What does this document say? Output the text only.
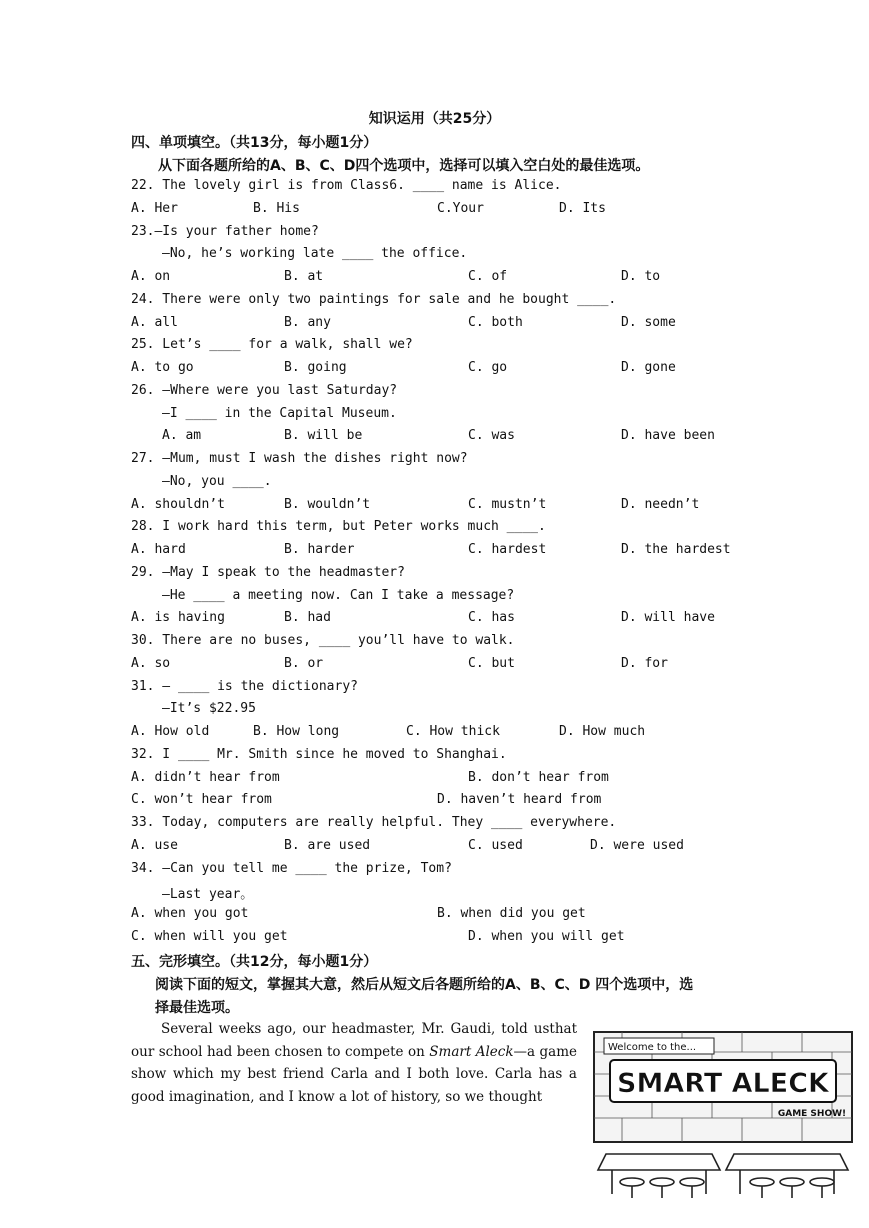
知识运用（共25分）
四、单项填空。（共13分，每小题1分）
从下面各题所给的A、B、C、D四个选项中，选择可以填入空白处的最佳选项。
22. The lovely girl is from Class6. ____ name is Alice.
A. Her	B. His	C.Your	D. Its
23.—Is your father home?
—No, he’s working late ____ the office.
A. on	B. at	C. of	D. to
24. There were only two paintings for sale and he bought ____.
A. all	B. any	C. both	D. some
25. Let’s ____ for a walk, shall we?
A. to go	B. going	C. go	D. gone
26. —Where were you last Saturday?
—I ____ in the Capital Museum.
A. am	B. will be	C. was	D. have been
27. —Mum, must I wash the dishes right now?
—No, you ____.
A. shouldn’t	B. wouldn’t	C. mustn’t	D. needn’t
28. I work hard this term, but Peter works much ____.
A. hard	B. harder	C. hardest	D. the hardest
29. —May I speak to the headmaster?
—He ____ a meeting now. Can I take a message?
A. is having	B. had	C. has	D. will have
30. There are no buses, ____ you’ll have to walk.
A. so	B. or	C. but	D. for
31. — ____ is the dictionary?
—It’s $22.95
A. How old	B. How long	C. How thick	D. How much
32. I ____ Mr. Smith since he moved to Shanghai.
A. didn’t hear from	B. don’t hear from
C. won’t hear from	D. haven’t heard from
33. Today, computers are really helpful. They ____ everywhere.
A. use	B. are used	C. used	D. were used
34. —Can you tell me ____ the prize, Tom?
—Last year。
A. when you got	B. when did you get
C. when will you get	D. when you will get
五、完形填空。（共12分，每小题1分）
阅读下面的短文，掌握其大意，然后从短文后各题所给的A、B、C、D 四个选项中，选
择最佳选项。
Several weeks ago, our headmaster, Mr. Gaudi, told usthat our school had been chosen to compete on Smart Aleck—a game show which my best friend Carla and I both love. Carla has a good imagination, and I know a lot of history, so we thought
Welcome to the...
SMART ALECK
GAME SHOW!
